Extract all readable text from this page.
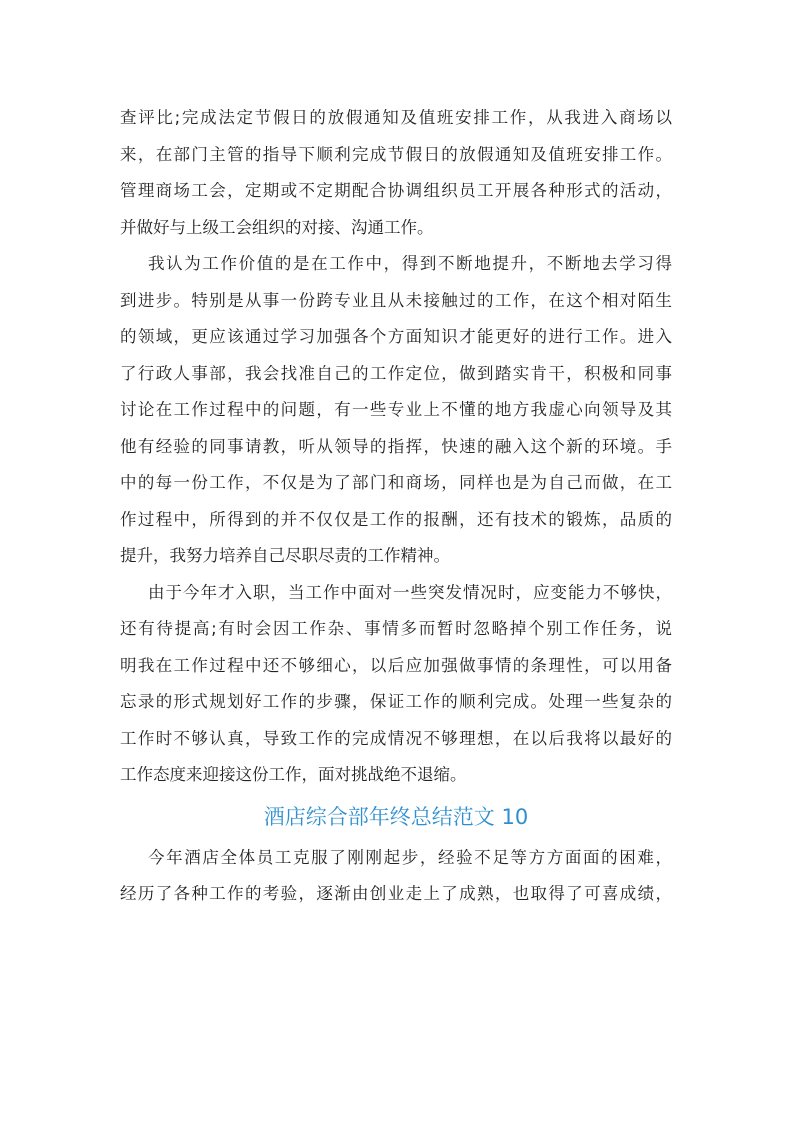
查评比;完成法定节假日的放假通知及值班安排工作，从我进入商场以
来，在部门主管的指导下顺利完成节假日的放假通知及值班安排工作。
管理商场工会，定期或不定期配合协调组织员工开展各种形式的活动，
并做好与上级工会组织的对接、沟通工作。
我认为工作价值的是在工作中，得到不断地提升，不断地去学习得
到进步。特别是从事一份跨专业且从未接触过的工作，在这个相对陌生
的领域，更应该通过学习加强各个方面知识才能更好的进行工作。进入
了行政人事部，我会找准自己的工作定位，做到踏实肯干，积极和同事
讨论在工作过程中的问题，有一些专业上不懂的地方我虚心向领导及其
他有经验的同事请教，听从领导的指挥，快速的融入这个新的环境。手
中的每一份工作，不仅是为了部门和商场，同样也是为自己而做，在工
作过程中，所得到的并不仅仅是工作的报酬，还有技术的锻炼，品质的
提升，我努力培养自己尽职尽责的工作精神。
由于今年才入职，当工作中面对一些突发情况时，应变能力不够快，
还有待提高;有时会因工作杂、事情多而暂时忽略掉个别工作任务，说
明我在工作过程中还不够细心，以后应加强做事情的条理性，可以用备
忘录的形式规划好工作的步骤，保证工作的顺利完成。处理一些复杂的
工作时不够认真，导致工作的完成情况不够理想，在以后我将以最好的
工作态度来迎接这份工作，面对挑战绝不退缩。
酒店综合部年终总结范文 10
今年酒店全体员工克服了刚刚起步，经验不足等方方面面的困难，
经历了各种工作的考验，逐渐由创业走上了成熟，也取得了可喜成绩，
